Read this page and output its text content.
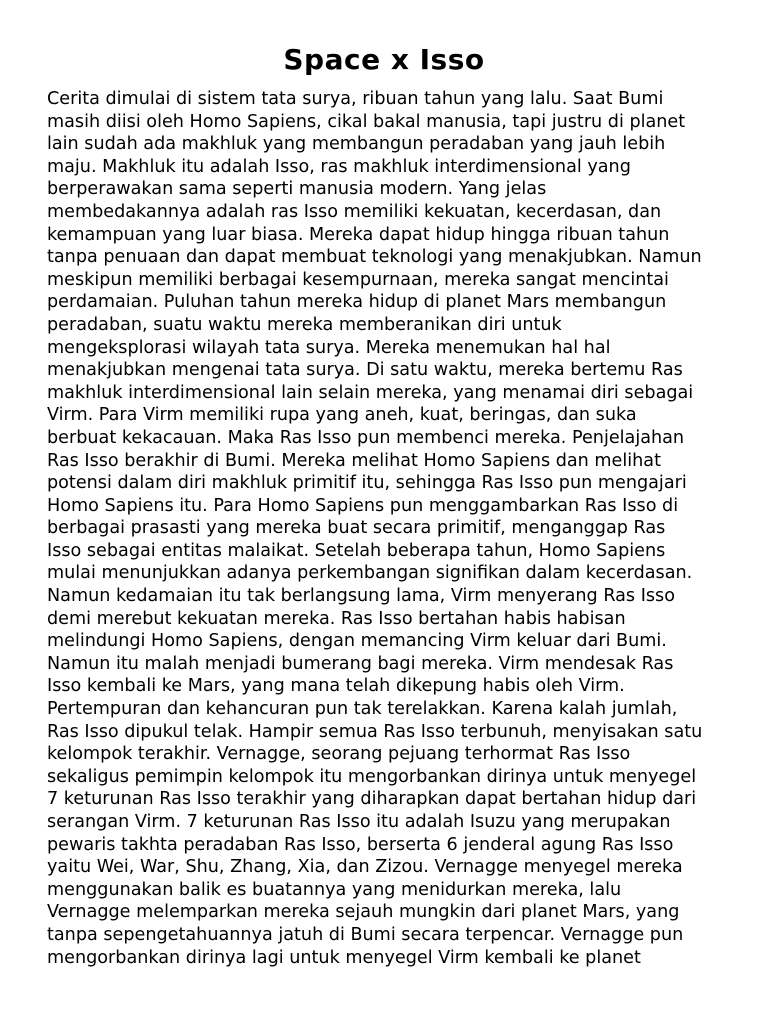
Space x Isso
Cerita dimulai di sistem tata surya, ribuan tahun yang lalu. Saat Bumi
masih diisi oleh Homo Sapiens, cikal bakal manusia, tapi justru di planet
lain sudah ada makhluk yang membangun peradaban yang jauh lebih
maju. Makhluk itu adalah Isso, ras makhluk interdimensional yang
berperawakan sama seperti manusia modern. Yang jelas
membedakannya adalah ras Isso memiliki kekuatan, kecerdasan, dan
kemampuan yang luar biasa. Mereka dapat hidup hingga ribuan tahun
tanpa penuaan dan dapat membuat teknologi yang menakjubkan. Namun
meskipun memiliki berbagai kesempurnaan, mereka sangat mencintai
perdamaian. Puluhan tahun mereka hidup di planet Mars membangun
peradaban, suatu waktu mereka memberanikan diri untuk
mengeksplorasi wilayah tata surya. Mereka menemukan hal hal
menakjubkan mengenai tata surya. Di satu waktu, mereka bertemu Ras
makhluk interdimensional lain selain mereka, yang menamai diri sebagai
Virm. Para Virm memiliki rupa yang aneh, kuat, beringas, dan suka
berbuat kekacauan. Maka Ras Isso pun membenci mereka. Penjelajahan
Ras Isso berakhir di Bumi. Mereka melihat Homo Sapiens dan melihat
potensi dalam diri makhluk primitif itu, sehingga Ras Isso pun mengajari
Homo Sapiens itu. Para Homo Sapiens pun menggambarkan Ras Isso di
berbagai prasasti yang mereka buat secara primitif, menganggap Ras
Isso sebagai entitas malaikat. Setelah beberapa tahun, Homo Sapiens
mulai menunjukkan adanya perkembangan signifikan dalam kecerdasan.
Namun kedamaian itu tak berlangsung lama, Virm menyerang Ras Isso
demi merebut kekuatan mereka. Ras Isso bertahan habis habisan
melindungi Homo Sapiens, dengan memancing Virm keluar dari Bumi.
Namun itu malah menjadi bumerang bagi mereka. Virm mendesak Ras
Isso kembali ke Mars, yang mana telah dikepung habis oleh Virm.
Pertempuran dan kehancuran pun tak terelakkan. Karena kalah jumlah,
Ras Isso dipukul telak. Hampir semua Ras Isso terbunuh, menyisakan satu
kelompok terakhir. Vernagge, seorang pejuang terhormat Ras Isso
sekaligus pemimpin kelompok itu mengorbankan dirinya untuk menyegel
7 keturunan Ras Isso terakhir yang diharapkan dapat bertahan hidup dari
serangan Virm. 7 keturunan Ras Isso itu adalah Isuzu yang merupakan
pewaris takhta peradaban Ras Isso, berserta 6 jenderal agung Ras Isso
yaitu Wei, War, Shu, Zhang, Xia, dan Zizou. Vernagge menyegel mereka
menggunakan balik es buatannya yang menidurkan mereka, lalu
Vernagge melemparkan mereka sejauh mungkin dari planet Mars, yang
tanpa sepengetahuannya jatuh di Bumi secara terpencar. Vernagge pun
mengorbankan dirinya lagi untuk menyegel Virm kembali ke planet
